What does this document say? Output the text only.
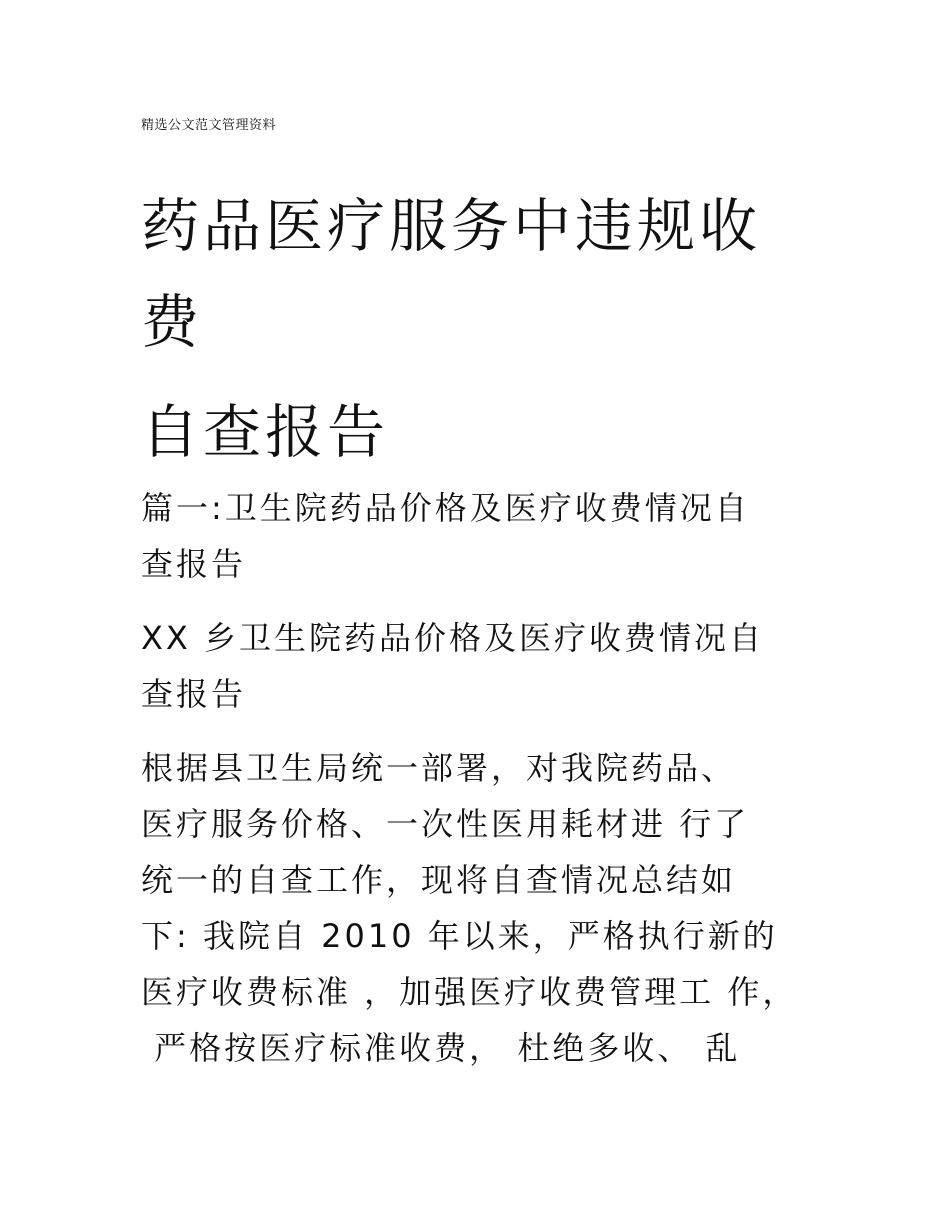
精选公文范文管理资料
药品医疗服务中违规收
费
自查报告
篇一:卫生院药品价格及医疗收费情况自
查报告
XX 乡卫生院药品价格及医疗收费情况自
查报告
根据县卫生局统一部署，对我院药品、
医疗服务价格、一次性医用耗材进 行了
统一的自查工作，现将自查情况总结如
下: 我院自 2010 年以来，严格执行新的
医疗收费标准 ，加强医疗收费管理工 作，
严格按医疗标准收费， 杜绝多收、 乱
